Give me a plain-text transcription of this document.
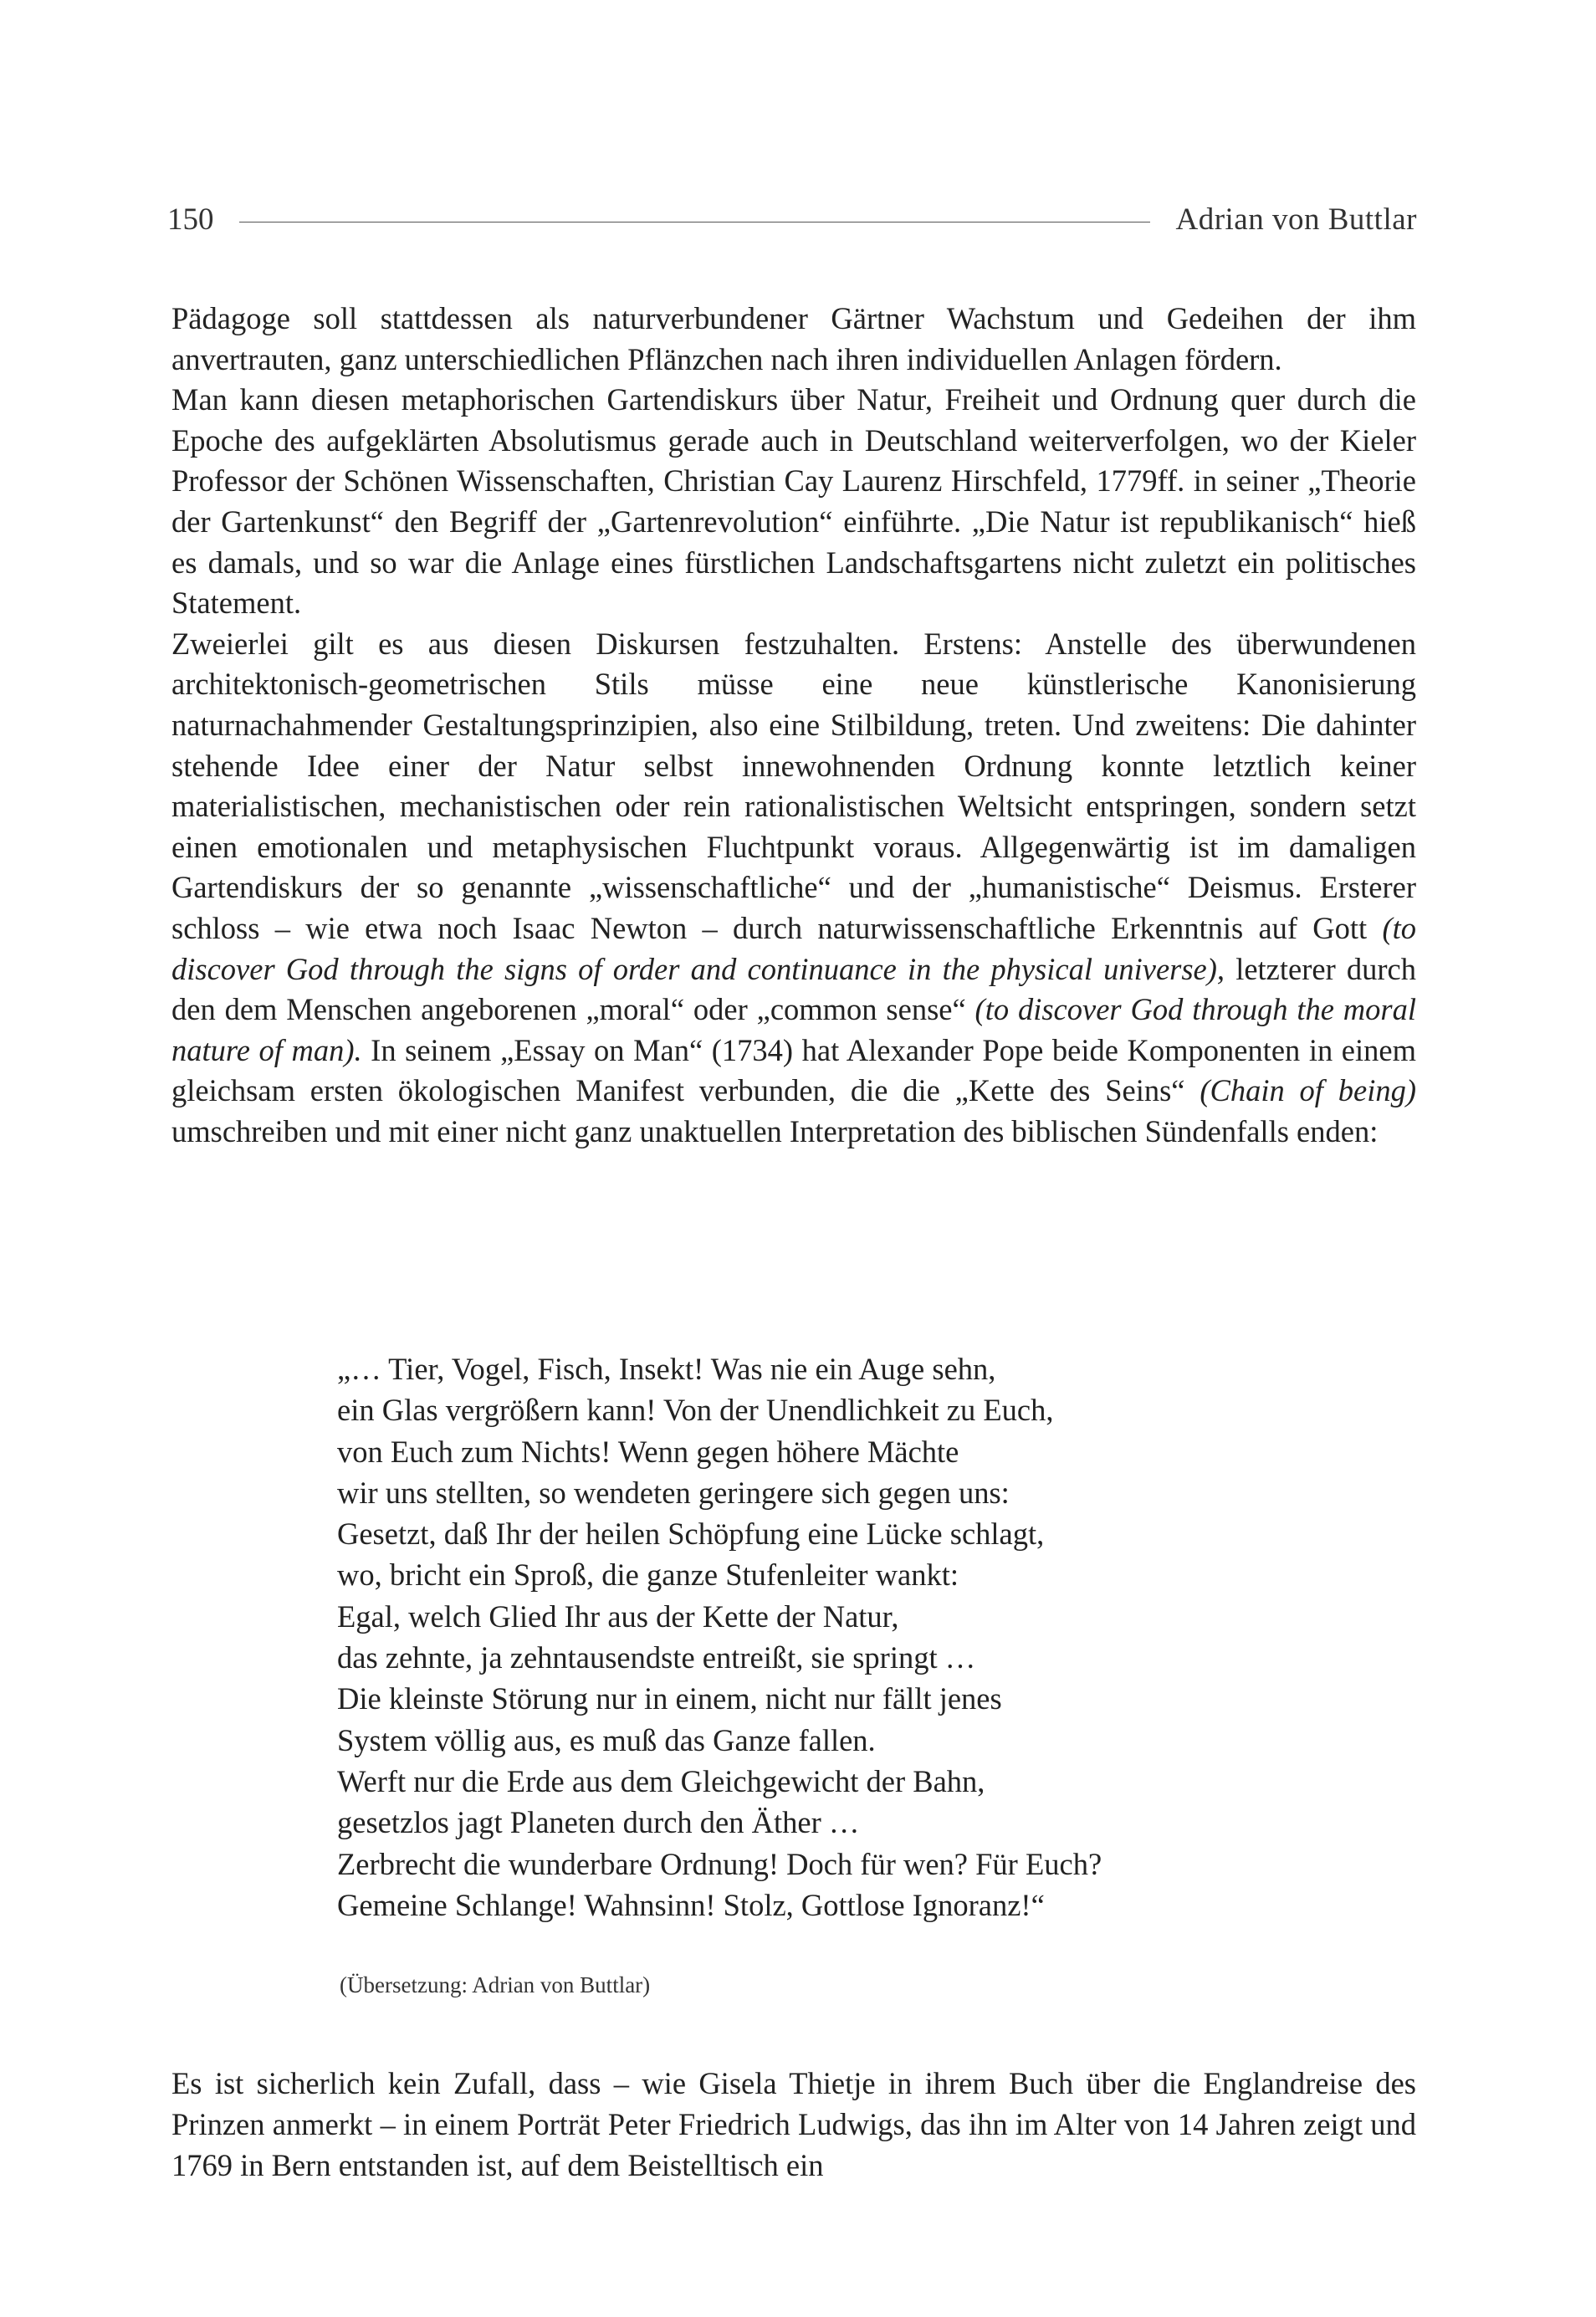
150	Adrian von Buttlar

Pädagoge soll stattdessen als naturverbundener Gärtner Wachstum und Gedeihen der ihm anvertrauten, ganz unterschiedlichen Pflänzchen nach ihren individuellen Anlagen fördern.

Man kann diesen metaphorischen Gartendiskurs über Natur, Freiheit und Ordnung quer durch die Epoche des aufgeklärten Absolutismus gerade auch in Deutschland weiterverfolgen, wo der Kieler Professor der Schönen Wissenschaften, Christian Cay Laurenz Hirschfeld, 1779ff. in seiner „Theorie der Gartenkunst“ den Begriff der „Gartenrevolution“ einführte. „Die Natur ist republikanisch“ hieß es damals, und so war die Anlage eines fürstlichen Landschaftsgartens nicht zuletzt ein politisches Statement.

Zweierlei gilt es aus diesen Diskursen festzuhalten. Erstens: Anstelle des überwundenen architektonisch-geometrischen Stils müsse eine neue künstlerische Kanonisierung naturnachahmender Gestaltungsprinzipien, also eine Stilbildung, treten. Und zweitens: Die dahinter stehende Idee einer der Natur selbst innewohnenden Ordnung konnte letztlich keiner materialistischen, mechanistischen oder rein rationalistischen Weltsicht entspringen, sondern setzt einen emotionalen und metaphysischen Fluchtpunkt voraus. Allgegenwärtig ist im damaligen Gartendiskurs der so genannte „wissenschaftliche“ und der „humanistische“ Deismus. Ersterer schloss – wie etwa noch Isaac Newton – durch naturwissenschaftliche Erkenntnis auf Gott (to discover God through the signs of order and continuance in the physical universe), letzterer durch den dem Menschen angeborenen „moral“ oder „common sense“ (to discover God through the moral nature of man). In seinem „Essay on Man“ (1734) hat Alexander Pope beide Komponenten in einem gleichsam ersten ökologischen Manifest verbunden, die die „Kette des Seins“ (Chain of being) umschreiben und mit einer nicht ganz unaktuellen Interpretation des biblischen Sündenfalls enden:

„… Tier, Vogel, Fisch, Insekt! Was nie ein Auge sehn,
ein Glas vergrößern kann! Von der Unendlichkeit zu Euch,
von Euch zum Nichts! Wenn gegen höhere Mächte
wir uns stellten, so wendeten geringere sich gegen uns:
Gesetzt, daß Ihr der heilen Schöpfung eine Lücke schlagt,
wo, bricht ein Sproß, die ganze Stufenleiter wankt:
Egal, welch Glied Ihr aus der Kette der Natur,
das zehnte, ja zehntausendste entreißt, sie springt …
Die kleinste Störung nur in einem, nicht nur fällt jenes
System völlig aus, es muß das Ganze fallen.
Werft nur die Erde aus dem Gleichgewicht der Bahn,
gesetzlos jagt Planeten durch den Äther …
Zerbrecht die wunderbare Ordnung! Doch für wen? Für Euch?
Gemeine Schlange! Wahnsinn! Stolz, Gottlose Ignoranz!“
(Übersetzung: Adrian von Buttlar)

Es ist sicherlich kein Zufall, dass – wie Gisela Thietje in ihrem Buch über die Englandreise des Prinzen anmerkt – in einem Porträt Peter Friedrich Ludwigs, das ihn im Alter von 14 Jahren zeigt und 1769 in Bern entstanden ist, auf dem Beistelltisch ein
